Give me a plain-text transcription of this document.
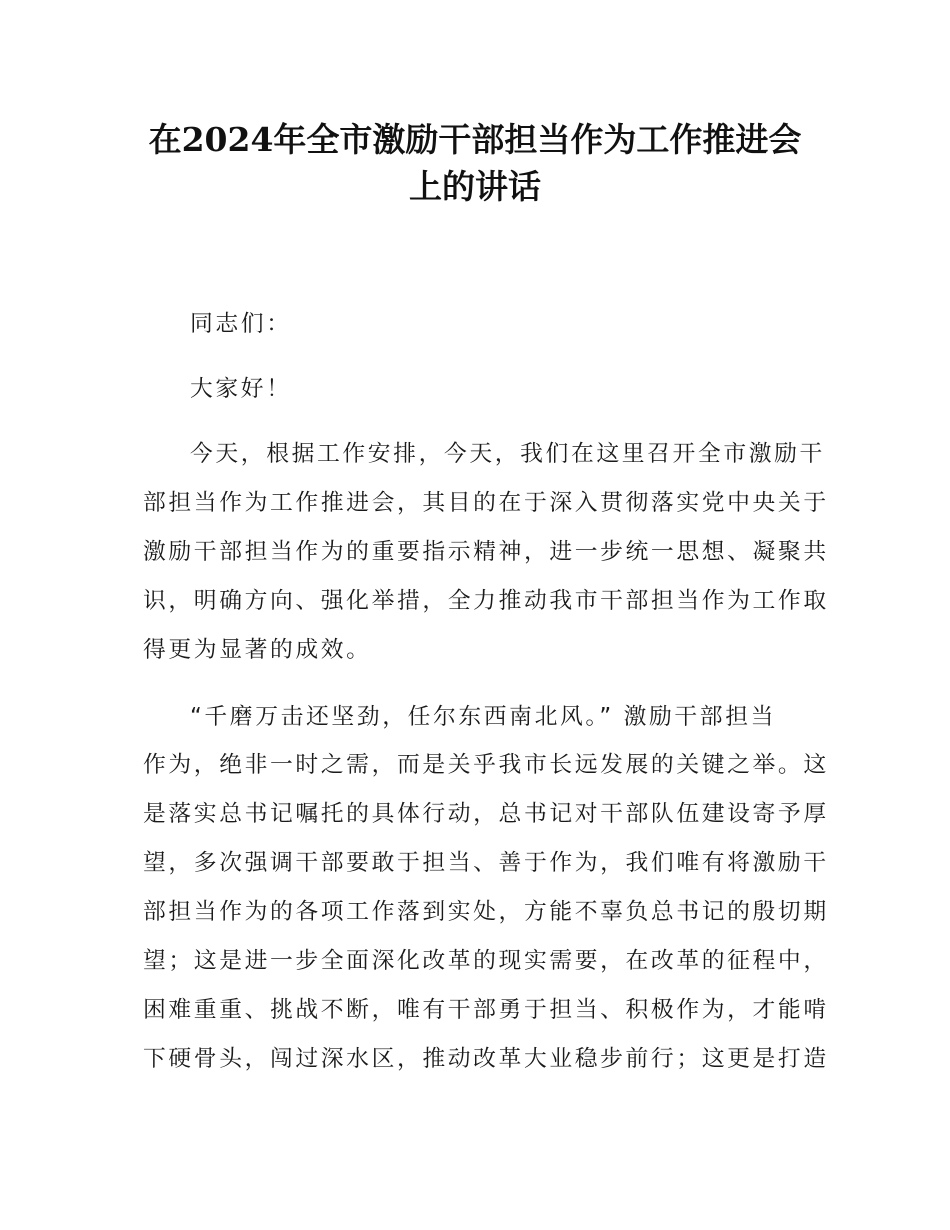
在2024年全市激励干部担当作为工作推进会
上的讲话
同志们：
大家好！
今天，根据工作安排，今天，我们在这里召开全市激励干
部担当作为工作推进会，其目的在于深入贯彻落实党中央关于
激励干部担当作为的重要指示精神，进一步统一思想、凝聚共
识，明确方向、强化举措，全力推动我市干部担当作为工作取
得更为显著的成效。
“千磨万击还坚劲，任尔东西南北风。” 激励干部担当
作为，绝非一时之需，而是关乎我市长远发展的关键之举。这
是落实总书记嘱托的具体行动，总书记对干部队伍建设寄予厚
望，多次强调干部要敢于担当、善于作为，我们唯有将激励干
部担当作为的各项工作落到实处，方能不辜负总书记的殷切期
望；这是进一步全面深化改革的现实需要，在改革的征程中，
困难重重、挑战不断，唯有干部勇于担当、积极作为，才能啃
下硬骨头，闯过深水区，推动改革大业稳步前行；这更是打造
